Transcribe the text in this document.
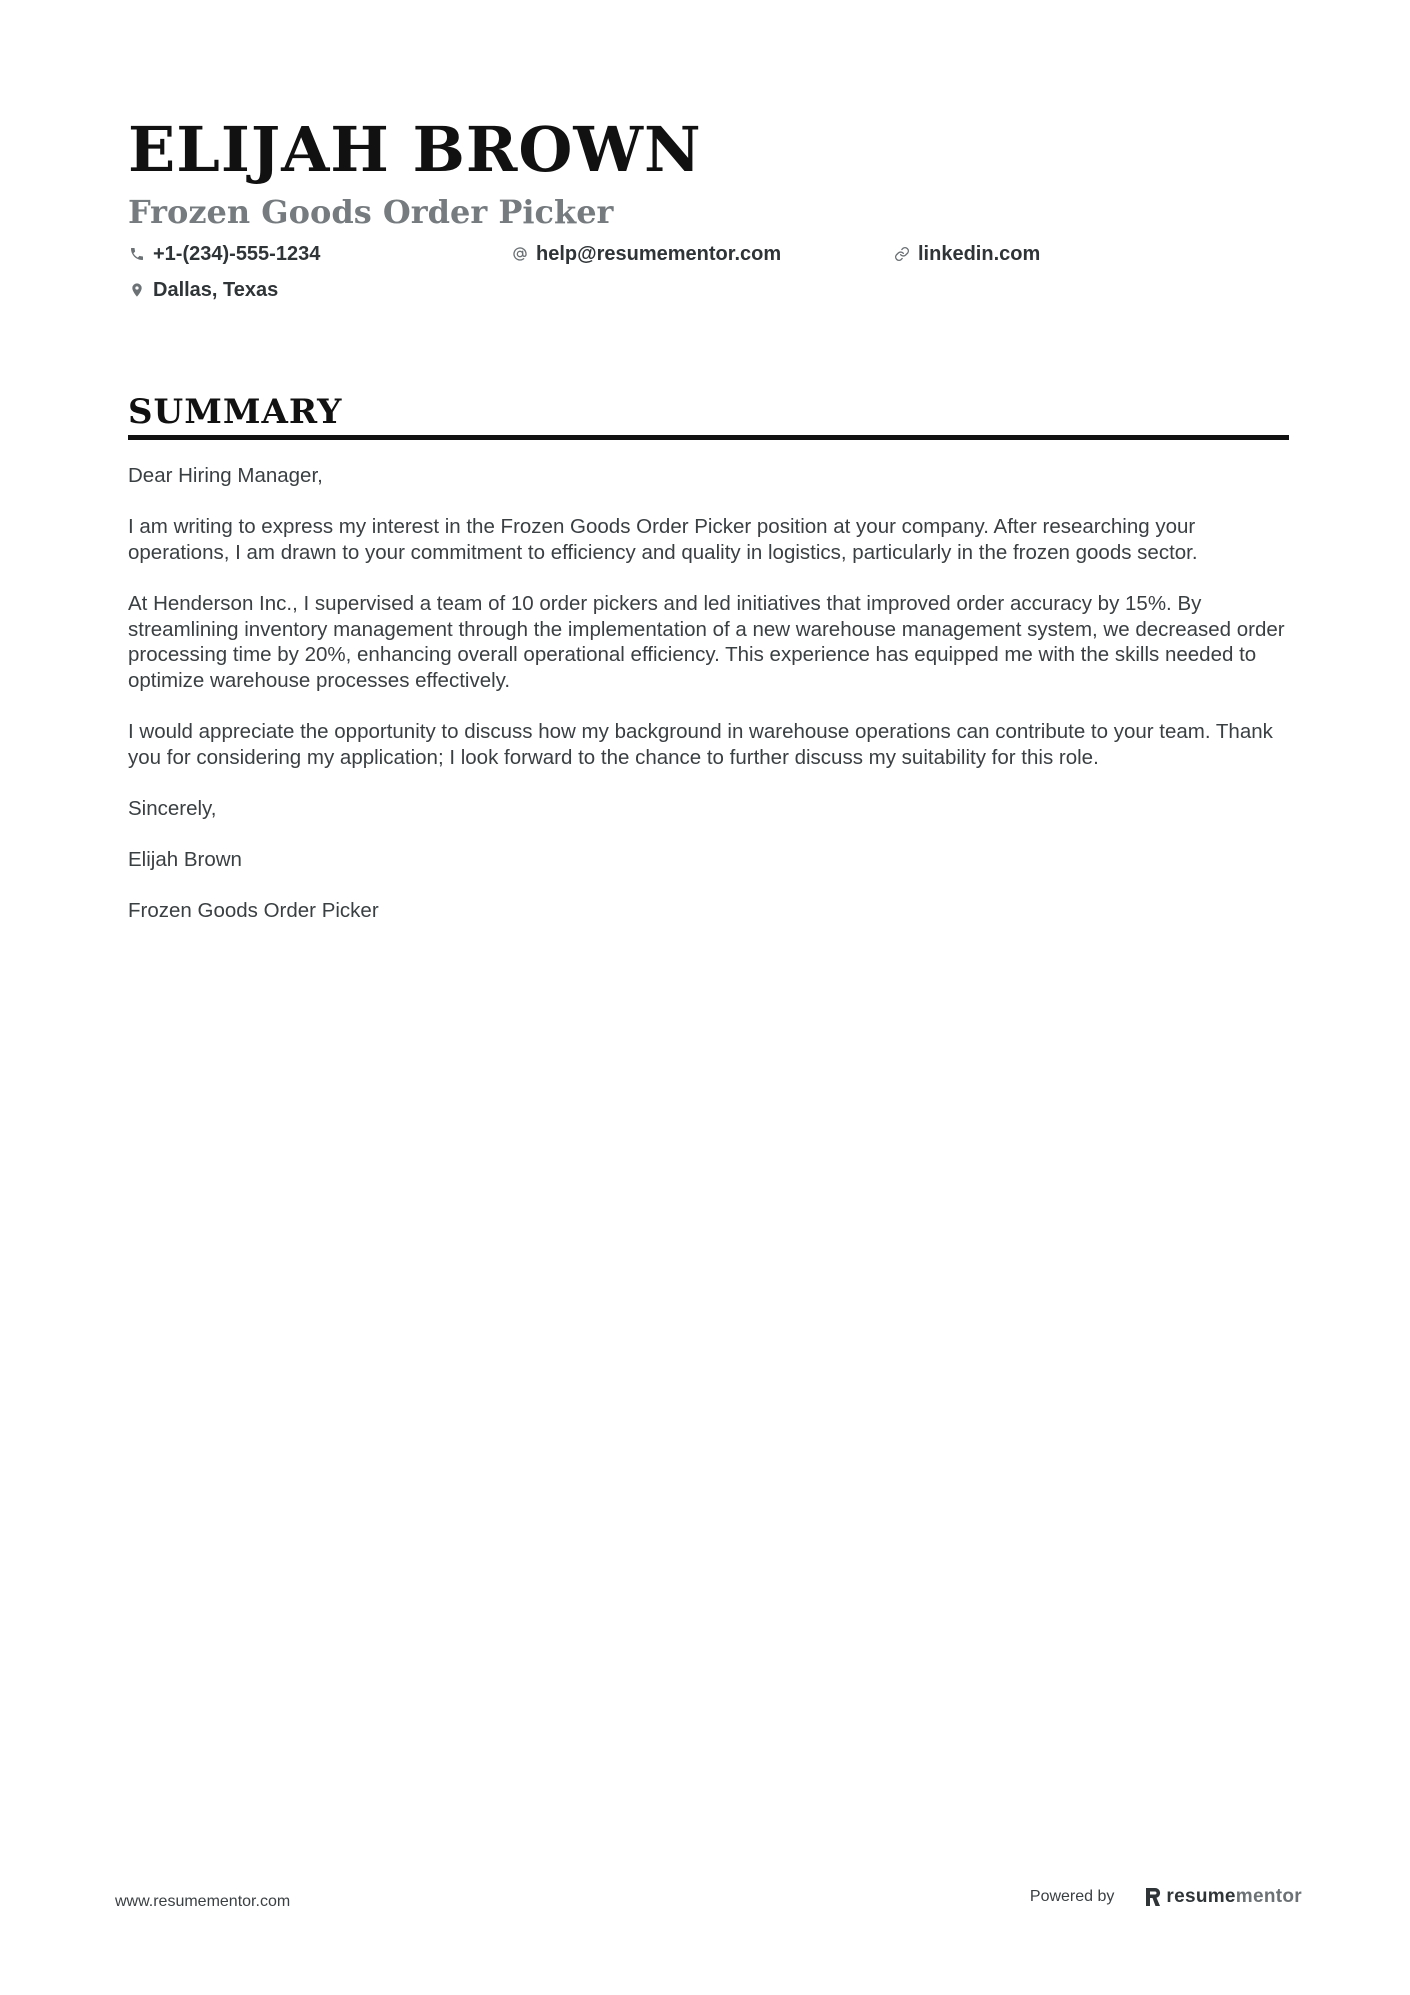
ELIJAH BROWN
Frozen Goods Order Picker
+1-(234)-555-1234	help@resumementor.com	linkedin.com
Dallas, Texas
SUMMARY

Dear Hiring Manager,

I am writing to express my interest in the Frozen Goods Order Picker position at your company. After researching your operations, I am drawn to your commitment to efficiency and quality in logistics, particularly in the frozen goods sector.

At Henderson Inc., I supervised a team of 10 order pickers and led initiatives that improved order accuracy by 15%. By streamlining inventory management through the implementation of a new warehouse management system, we decreased order processing time by 20%, enhancing overall operational efficiency. This experience has equipped me with the skills needed to optimize warehouse processes effectively.

I would appreciate the opportunity to discuss how my background in warehouse operations can contribute to your team. Thank you for considering my application; I look forward to the chance to further discuss my suitability for this role.

Sincerely,

Elijah Brown

Frozen Goods Order Picker

www.resumementor.com	Powered by	resume mentor
